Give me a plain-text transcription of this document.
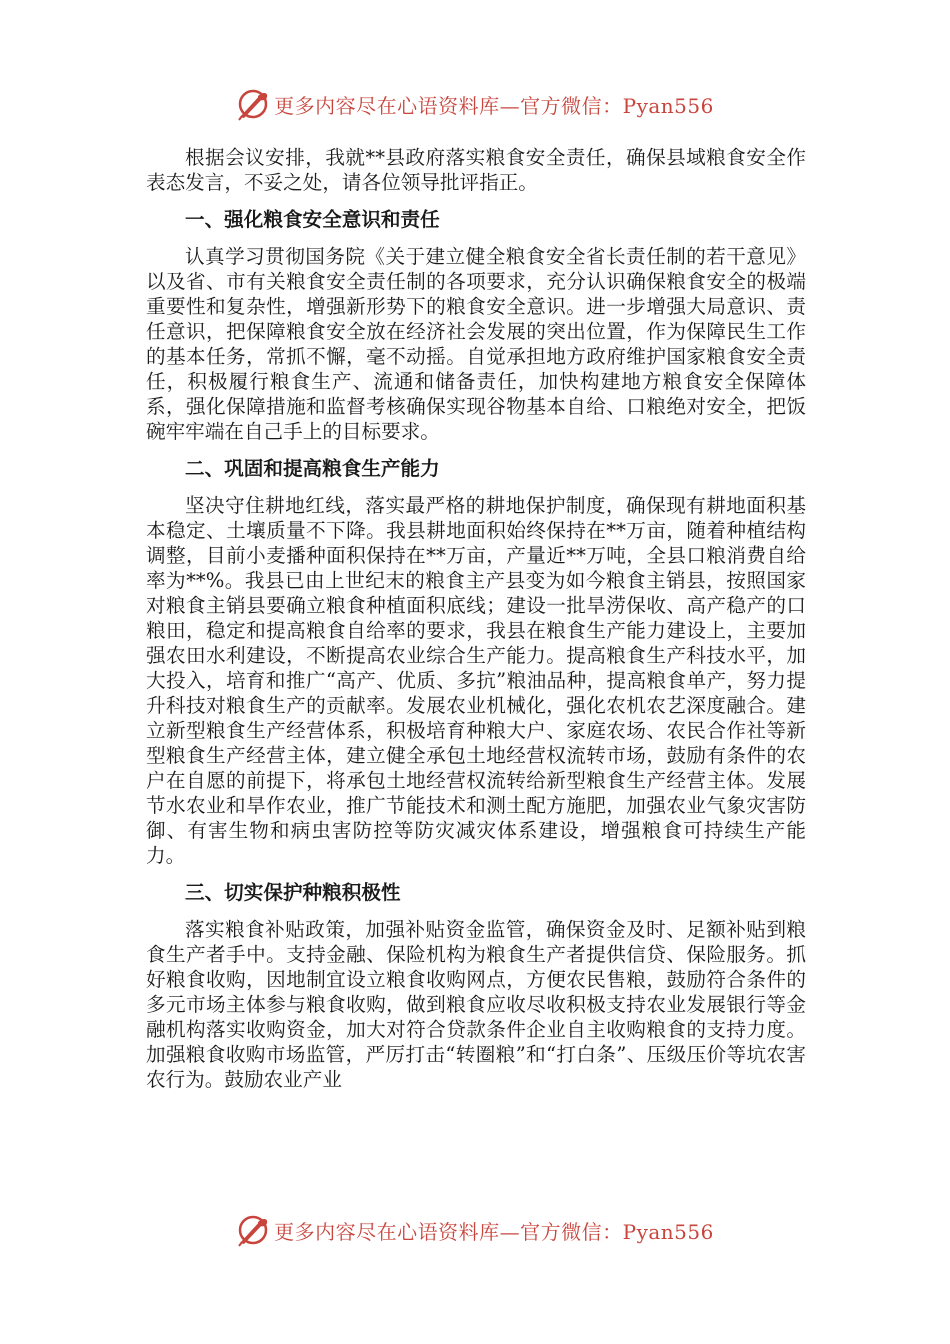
更多内容尽在心语资料库—官方微信：Pyan556

根据会议安排，我就**县政府落实粮食安全责任，确保县域粮食安全作表态发言，不妥之处，请各位领导批评指正。

一、强化粮食安全意识和责任

认真学习贯彻国务院《关于建立健全粮食安全省长责任制的若干意见》以及省、市有关粮食安全责任制的各项要求，充分认识确保粮食安全的极端重要性和复杂性，增强新形势下的粮食安全意识。进一步增强大局意识、责任意识，把保障粮食安全放在经济社会发展的突出位置，作为保障民生工作的基本任务，常抓不懈，毫不动摇。自觉承担地方政府维护国家粮食安全责任，积极履行粮食生产、流通和储备责任，加快构建地方粮食安全保障体系，强化保障措施和监督考核确保实现谷物基本自给、口粮绝对安全，把饭碗牢牢端在自己手上的目标要求。

二、巩固和提高粮食生产能力

坚决守住耕地红线，落实最严格的耕地保护制度，确保现有耕地面积基本稳定、土壤质量不下降。我县耕地面积始终保持在**万亩，随着种植结构调整，目前小麦播种面积保持在**万亩，产量近**万吨，全县口粮消费自给率为**%。我县已由上世纪末的粮食主产县变为如今粮食主销县，按照国家对粮食主销县要确立粮食种植面积底线；建设一批旱涝保收、高产稳产的口粮田，稳定和提高粮食自给率的要求，我县在粮食生产能力建设上，主要加强农田水利建设，不断提高农业综合生产能力。提高粮食生产科技水平，加大投入，培育和推广“高产、优质、多抗”粮油品种，提高粮食单产，努力提升科技对粮食生产的贡献率。发展农业机械化，强化农机农艺深度融合。建立新型粮食生产经营体系，积极培育种粮大户、家庭农场、农民合作社等新型粮食生产经营主体，建立健全承包土地经营权流转市场，鼓励有条件的农户在自愿的前提下，将承包土地经营权流转给新型粮食生产经营主体。发展节水农业和旱作农业，推广节能技术和测土配方施肥，加强农业气象灾害防御、有害生物和病虫害防控等防灾减灾体系建设，增强粮食可持续生产能力。

三、切实保护种粮积极性

落实粮食补贴政策，加强补贴资金监管，确保资金及时、足额补贴到粮食生产者手中。支持金融、保险机构为粮食生产者提供信贷、保险服务。抓好粮食收购，因地制宜设立粮食收购网点，方便农民售粮，鼓励符合条件的多元市场主体参与粮食收购，做到粮食应收尽收积极支持农业发展银行等金融机构落实收购资金，加大对符合贷款条件企业自主收购粮食的支持力度。加强粮食收购市场监管，严厉打击“转圈粮”和“打白条”、压级压价等坑农害农行为。鼓励农业产业

更多内容尽在心语资料库—官方微信：Pyan556
